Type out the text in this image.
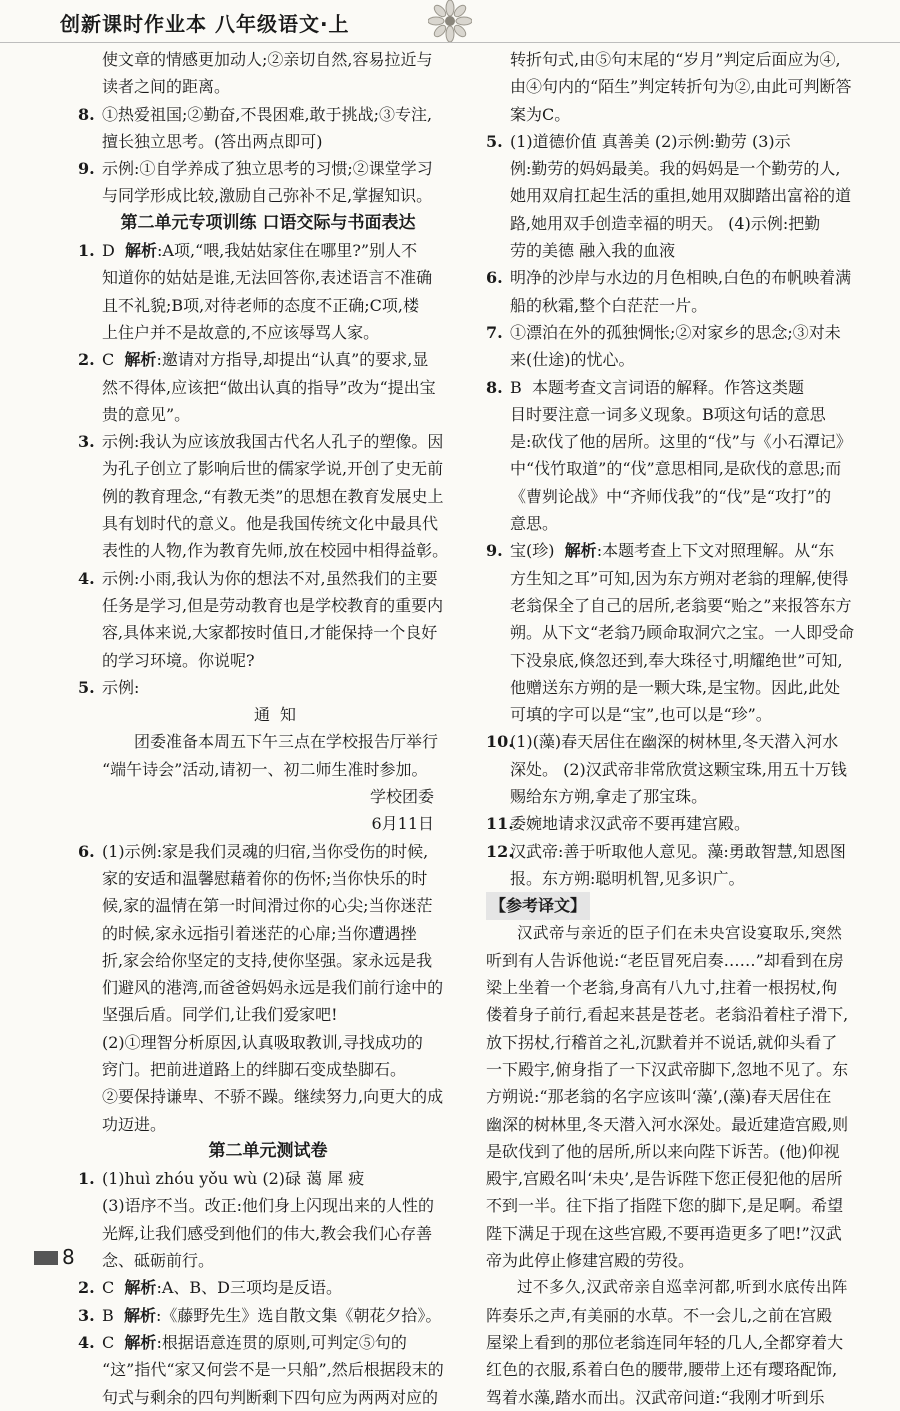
创新课时作业本 八年级语文·上
使文章的情感更加动人;②亲切自然,容易拉近与
读者之间的距离。
8. ①热爱祖国;②勤奋,不畏困难,敢于挑战;③专注,
擅长独立思考。(答出两点即可)
9. 示例:①自学养成了独立思考的习惯;②课堂学习
与同学形成比较,激励自己弥补不足,掌握知识。
第二单元专项训练 口语交际与书面表达
1. D 解析:A项,“喂,我姑姑家住在哪里?”别人不
知道你的姑姑是谁,无法回答你,表述语言不准确
且不礼貌;B项,对待老师的态度不正确;C项,楼
上住户并不是故意的,不应该辱骂人家。
2. C 解析:邀请对方指导,却提出“认真”的要求,显
然不得体,应该把“做出认真的指导”改为“提出宝
贵的意见”。
3. 示例:我认为应该放我国古代名人孔子的塑像。因
为孔子创立了影响后世的儒家学说,开创了史无前
例的教育理念,“有教无类”的思想在教育发展史上
具有划时代的意义。他是我国传统文化中最具代
表性的人物,作为教育先师,放在校园中相得益彰。
4. 示例:小雨,我认为你的想法不对,虽然我们的主要
任务是学习,但是劳动教育也是学校教育的重要内
容,具体来说,大家都按时值日,才能保持一个良好
的学习环境。你说呢?
5. 示例:
通知
团委准备本周五下午三点在学校报告厅举行
“端午诗会”活动,请初一、初二师生准时参加。
学校团委
6月11日
6. (1)示例:家是我们灵魂的归宿,当你受伤的时候,
家的安适和温馨慰藉着你的伤怀;当你快乐的时
候,家的温情在第一时间滑过你的心尖;当你迷茫
的时候,家永远指引着迷茫的心扉;当你遭遇挫
折,家会给你坚定的支持,使你坚强。家永远是我
们避风的港湾,而爸爸妈妈永远是我们前行途中的
坚强后盾。同学们,让我们爱家吧!
(2)①理智分析原因,认真吸取教训,寻找成功的
窍门。把前进道路上的绊脚石变成垫脚石。
②要保持谦卑、不骄不躁。继续努力,向更大的成
功迈进。
第二单元测试卷
1. (1)huì zhóu yǒu wù (2)碌 蔼 犀 疲
(3)语序不当。改正:他们身上闪现出来的人性的
光辉,让我们感受到他们的伟大,教会我们心存善
念、砥砺前行。
2. C 解析:A、B、D三项均是反语。
3. B 解析:《藤野先生》选自散文集《朝花夕拾》。
4. C 解析:根据语意连贯的原则,可判定⑤句的
“这”指代“家又何尝不是一只船”,然后根据段末的
句式与剩余的四句判断剩下四句应为两两对应的
转折句式,由⑤句末尾的“岁月”判定后面应为④,
由④句内的“陌生”判定转折句为②,由此可判断答
案为C。
5. (1)道德价值 真善美 (2)示例:勤劳 (3)示
例:勤劳的妈妈最美。我的妈妈是一个勤劳的人,
她用双肩扛起生活的重担,她用双脚踏出富裕的道
路,她用双手创造幸福的明天。 (4)示例:把勤
劳的美德 融入我的血液
6. 明净的沙岸与水边的月色相映,白色的布帆映着满
船的秋霜,整个白茫茫一片。
7. ①漂泊在外的孤独惆怅;②对家乡的思念;③对未
来(仕途)的忧心。
8. B 本题考查文言词语的解释。作答这类题
目时要注意一词多义现象。B项这句话的意思
是:砍伐了他的居所。这里的“伐”与《小石潭记》
中“伐竹取道”的“伐”意思相同,是砍伐的意思;而
《曹刿论战》中“齐师伐我”的“伐”是“攻打”的
意思。
9. 宝(珍) 解析:本题考查上下文对照理解。从“东
方生知之耳”可知,因为东方朔对老翁的理解,使得
老翁保全了自己的居所,老翁要“贻之”来报答东方
朔。从下文“老翁乃顾命取洞穴之宝。一人即受命
下没泉底,倏忽还到,奉大珠径寸,明耀绝世”可知,
他赠送东方朔的是一颗大珠,是宝物。因此,此处
可填的字可以是“宝”,也可以是“珍”。
10.
(1)(藻)春天居住在幽深的树林里,冬天潜入河水
深处。 (2)汉武帝非常欣赏这颗宝珠,用五十万钱
赐给东方朔,拿走了那宝珠。
11.
委婉地请求汉武帝不要再建宫殿。
12.
汉武帝:善于听取他人意见。藻:勇敢智慧,知恩图
报。东方朔:聪明机智,见多识广。
【参考译文】
汉武帝与亲近的臣子们在未央宫设宴取乐,突然
听到有人告诉他说:“老臣冒死启奏……”却看到在房
梁上坐着一个老翁,身高有八九寸,拄着一根拐杖,佝
偻着身子前行,看起来甚是苍老。老翁沿着柱子滑下,
放下拐杖,行稽首之礼,沉默着并不说话,就仰头看了
一下殿宇,俯身指了一下汉武帝脚下,忽地不见了。东
方朔说:“那老翁的名字应该叫‘藻’,(藻)春天居住在
幽深的树林里,冬天潜入河水深处。最近建造宫殿,则
是砍伐到了他的居所,所以来向陛下诉苦。(他)仰视
殿宇,宫殿名叫‘未央’,是告诉陛下您正侵犯他的居所
不到一半。往下指了指陛下您的脚下,是足啊。希望
陛下满足于现在这些宫殿,不要再造更多了吧!”汉武
帝为此停止修建宫殿的劳役。
过不多久,汉武帝亲自巡幸河都,听到水底传出阵
阵奏乐之声,有美丽的水草。不一会儿,之前在宫殿
屋梁上看到的那位老翁连同年轻的几人,全都穿着大
红色的衣服,系着白色的腰带,腰带上还有璎珞配饰,
驾着水藻,踏水而出。汉武帝问道:“我刚才听到乐
8
